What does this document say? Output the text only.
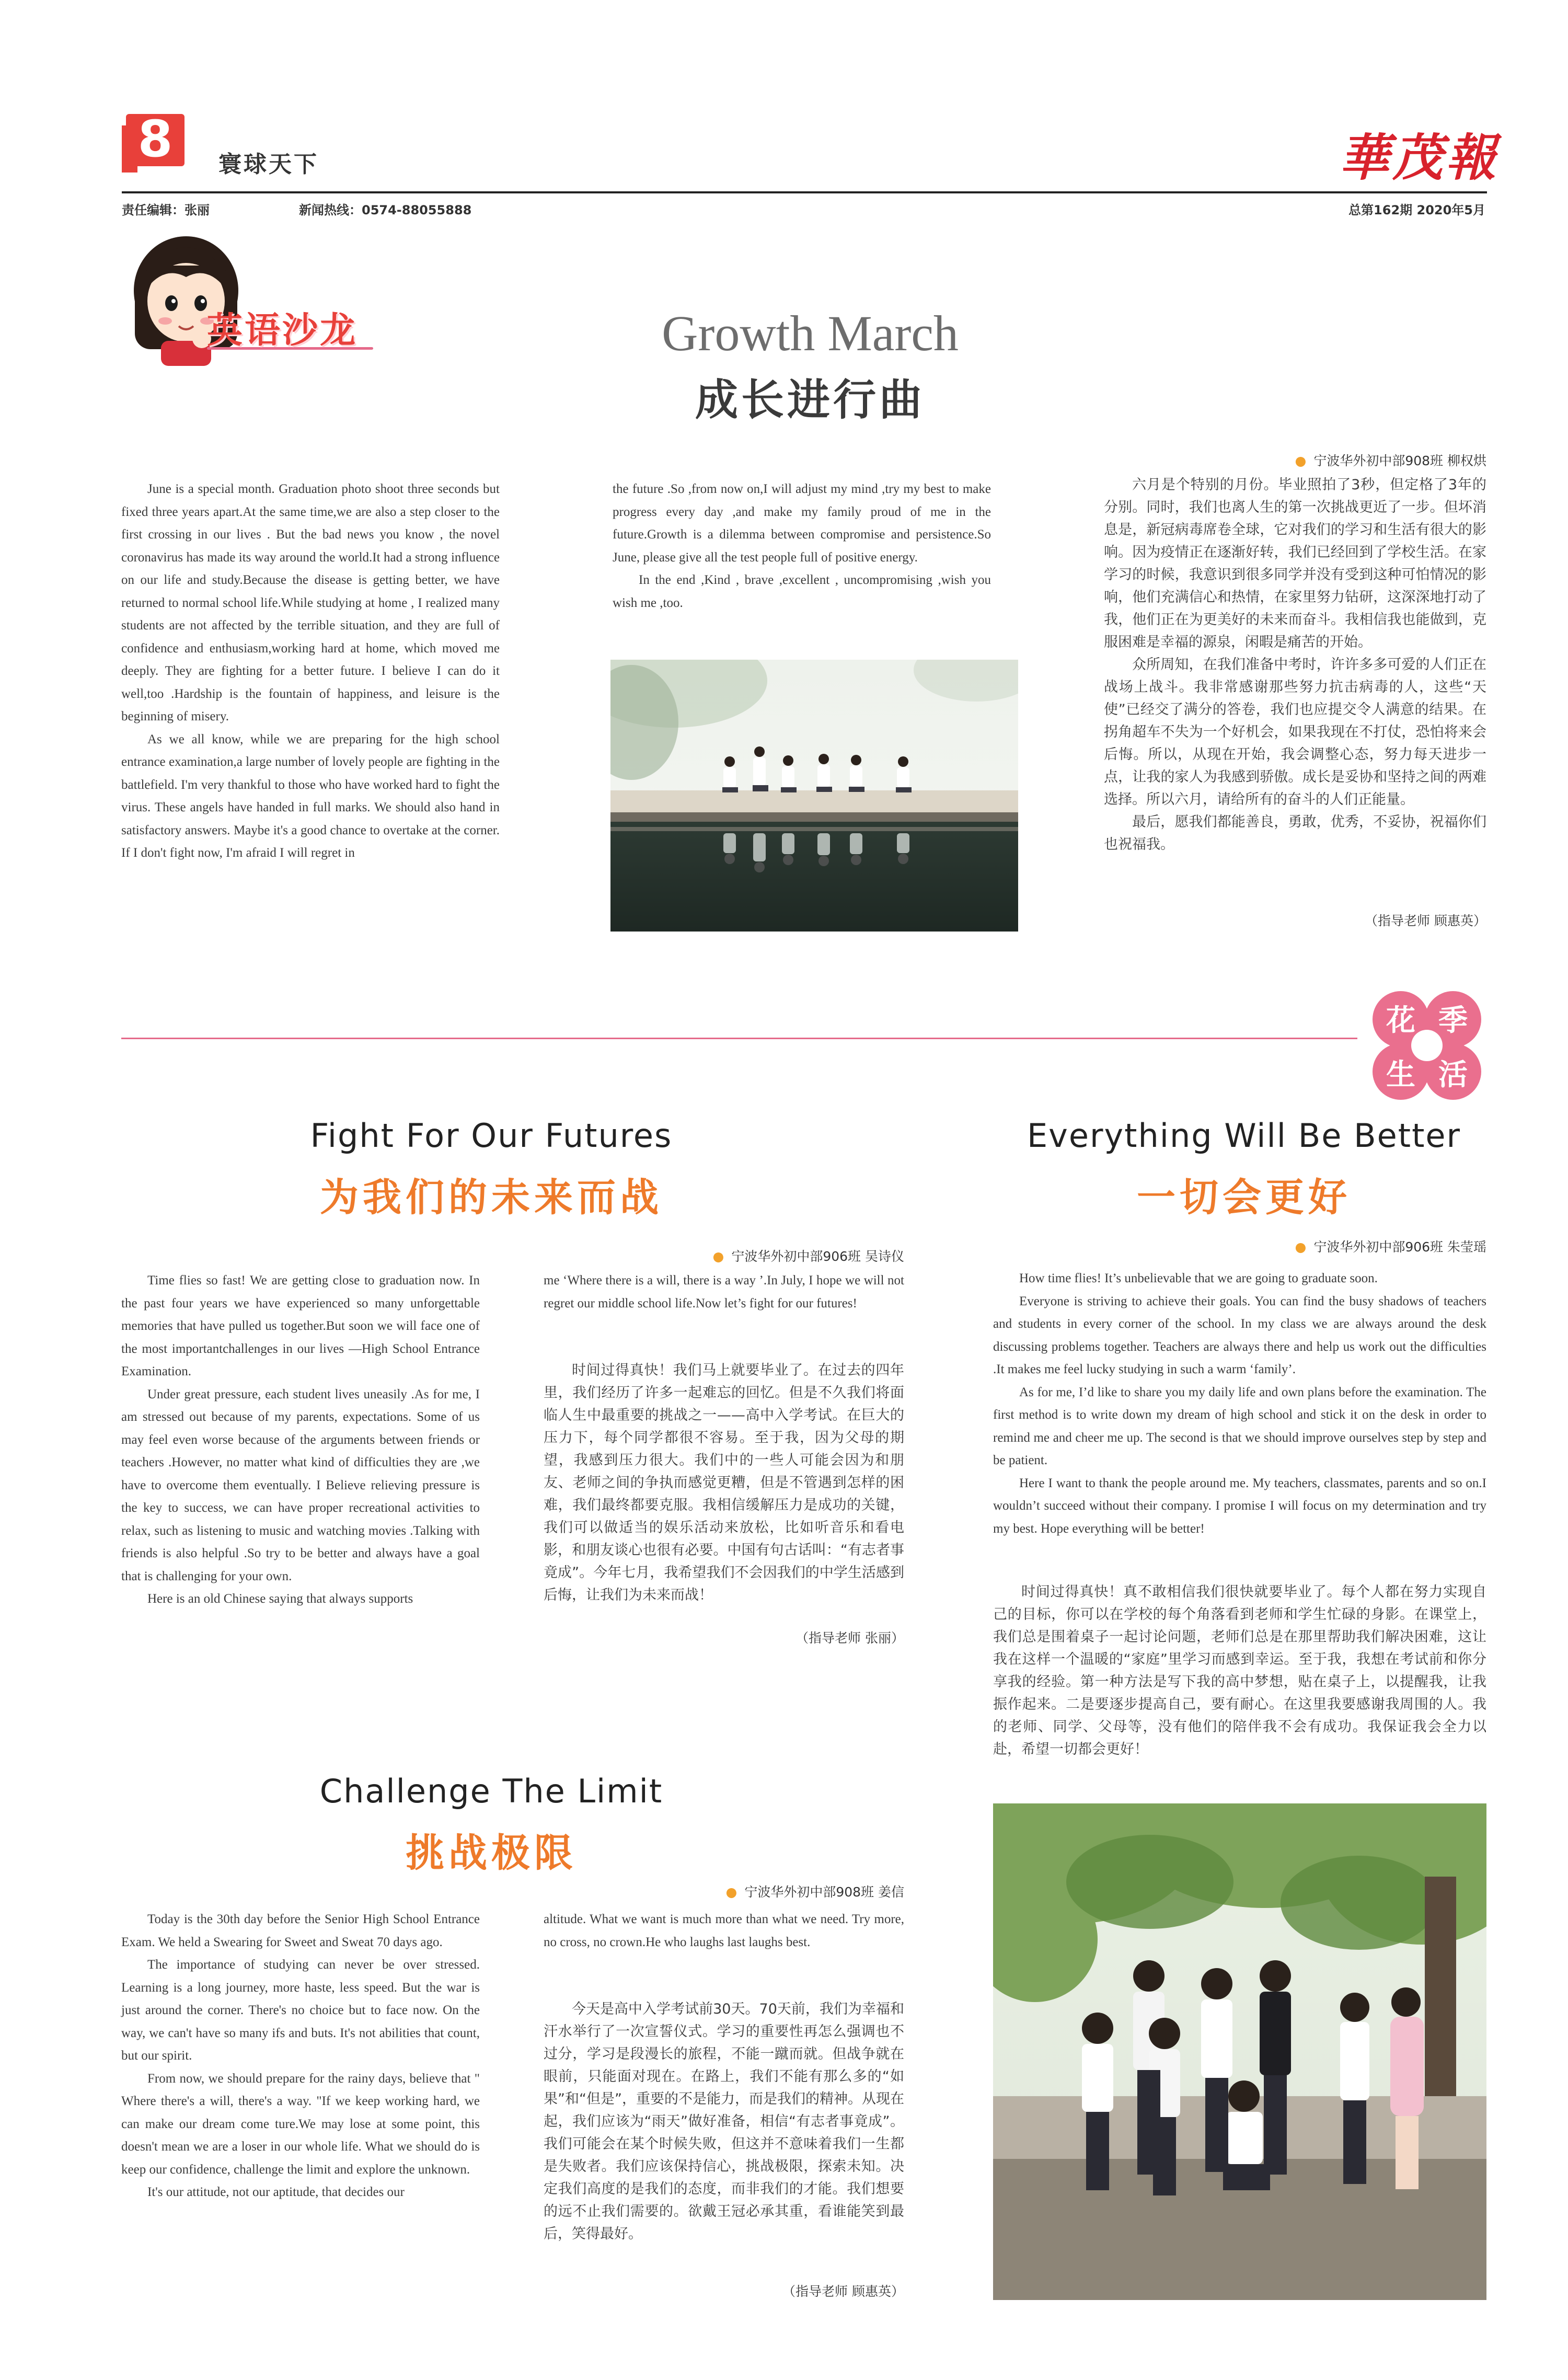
8	寰球天下	華茂報
责任编辑：张丽	新闻热线：0574-88055888	总第162期 2020年5月
英语沙龙	Growth March
成长进行曲

June is a special month. Graduation photo shoot three seconds but fixed three years apart.At the same time,we are also a step closer to the first crossing in our lives . But the bad news you know , the novel coronavirus has made its way around the world.It had a strong influence on our life and study.Because the disease is getting better, we have returned to normal school life.While studying at home , I realized many students are not affected by the terrible situation, and they are full of confidence and enthusiasm,working hard at home, which moved me deeply. They are fighting for a better future. I believe I can do it well,too .Hardship is the fountain of happiness, and leisure is the beginning of misery.

As we all know, while we are preparing for the high school entrance examination,a large number of lovely people are fighting in the battlefield. I'm very thankful to those who have worked hard to fight the virus. These angels have handed in full marks. We should also hand in satisfactory answers. Maybe it's a good chance to overtake at the corner. If I don't fight now, I'm afraid I will regret in

the future .So ,from now on,I will adjust my mind ,try my best to make progress every day ,and make my family proud of me in the future.Growth is a dilemma between compromise and persistence.So June, please give all the test people full of positive energy.

In the end ,Kind , brave ,excellent , uncompromising ,wish you wish me ,too.

● 宁波华外初中部908班 柳权烘

六月是个特别的月份。毕业照拍了3秒，但定格了3年的分别。同时，我们也离人生的第一次挑战更近了一步。但坏消息是，新冠病毒席卷全球，它对我们的学习和生活有很大的影响。因为疫情正在逐渐好转，我们已经回到了学校生活。在家学习的时候，我意识到很多同学并没有受到这种可怕情况的影响，他们充满信心和热情，在家里努力钻研，这深深地打动了我，他们正在为更美好的未来而奋斗。我相信我也能做到，克服困难是幸福的源泉，闲暇是痛苦的开始。

众所周知，在我们准备中考时，许许多多可爱的人们正在战场上战斗。我非常感谢那些努力抗击病毒的人，这些“天使”已经交了满分的答卷，我们也应提交令人满意的结果。在拐角超车不失为一个好机会，如果我现在不打仗，恐怕将来会后悔。所以，从现在开始，我会调整心态，努力每天进步一点，让我的家人为我感到骄傲。成长是妥协和坚持之间的两难选择。所以六月，请给所有的奋斗的人们正能量。

最后，愿我们都能善良，勇敢，优秀，不妥协，祝福你们也祝福我。

（指导老师 顾惠英）
花 季
生 活
Fight For Our Futures
为我们的未来而战
● 宁波华外初中部906班 吴诗仪

Time flies so fast! We are getting close to graduation now. In the past four years we have experienced so many unforgettable memories that have pulled us together.But soon we will face one of the most importantchallenges in our lives —High School Entrance Examination.

Under great pressure, each student lives uneasily .As for me, I am stressed out because of my parents, expectations. Some of us may feel even worse because of the arguments between friends or teachers .However, no matter what kind of difficulties they are ,we have to overcome them eventually. I Believe relieving pressure is the key to success, we can have proper recreational activities to relax, such as listening to music and watching movies .Talking with friends is also helpful .So try to be better and always have a goal that is challenging for your own.

Here is an old Chinese saying that always supports

me ‘Where there is a will, there is a way ’.In July, I hope we will not regret our middle school life.Now let’s fight for our futures!

时间过得真快！我们马上就要毕业了。在过去的四年里，我们经历了许多一起难忘的回忆。但是不久我们将面临人生中最重要的挑战之一——高中入学考试。在巨大的压力下，每个同学都很不容易。至于我，因为父母的期望，我感到压力很大。我们中的一些人可能会因为和朋友、老师之间的争执而感觉更糟，但是不管遇到怎样的困难，我们最终都要克服。我相信缓解压力是成功的关键，我们可以做适当的娱乐活动来放松，比如听音乐和看电影，和朋友谈心也很有必要。中国有句古话叫：“有志者事竟成”。今年七月，我希望我们不会因我们的中学生活感到后悔，让我们为未来而战！

（指导老师 张丽）
Everything Will Be Better
一切会更好
● 宁波华外初中部906班 朱莹瑶

How time flies! It’s unbelievable that we are going to graduate soon.

Everyone is striving to achieve their goals. You can find the busy shadows of teachers and students in every corner of the school. In my class we are always around the desk discussing problems together. Teachers are always there and help us work out the difficulties .It makes me feel lucky studying in such a warm ‘family’.

As for me, I’d like to share you my daily life and own plans before the examination. The first method is to write down my dream of high school and stick it on the desk in order to remind me and cheer me up. The second is that we should improve ourselves step by step and be patient.

Here I want to thank the people around me. My teachers, classmates, parents and so on.I wouldn’t succeed without their company. I promise I will focus on my determination and try my best. Hope everything will be better!

时间过得真快！真不敢相信我们很快就要毕业了。每个人都在努力实现自己的目标，你可以在学校的每个角落看到老师和学生忙碌的身影。在课堂上，我们总是围着桌子一起讨论问题，老师们总是在那里帮助我们解决困难，这让我在这样一个温暖的“家庭”里学习而感到幸运。至于我，我想在考试前和你分享我的经验。第一种方法是写下我的高中梦想，贴在桌子上，以提醒我，让我振作起来。二是要逐步提高自己，要有耐心。在这里我要感谢我周围的人。我的老师、同学、父母等，没有他们的陪伴我不会有成功。我保证我会全力以赴，希望一切都会更好！

Challenge The Limit
挑战极限
● 宁波华外初中部908班 姜信

Today is the 30th day before the Senior High School Entrance Exam. We held a Swearing for Sweet and Sweat 70 days ago.

The importance of studying can never be over stressed. Learning is a long journey, more haste, less speed. But the war is just around the corner. There's no choice but to face now. On the way, we can't have so many ifs and buts. It's not abilities that count, but our spirit.

From now, we should prepare for the rainy days, believe that " Where there's a will, there's a way. "If we keep working hard, we can make our dream come ture.We may lose at some point, this doesn't mean we are a loser in our whole life. What we should do is keep our confidence, challenge the limit and explore the unknown.

It's our attitude, not our aptitude, that decides our

altitude. What we want is much more than what we need. Try more, no cross, no crown.He who laughs last laughs best.

今天是高中入学考试前30天。70天前，我们为幸福和汗水举行了一次宣誓仪式。学习的重要性再怎么强调也不过分，学习是段漫长的旅程，不能一蹴而就。但战争就在眼前，只能面对现在。在路上，我们不能有那么多的“如果”和“但是”，重要的不是能力，而是我们的精神。从现在起，我们应该为“雨天”做好准备，相信“有志者事竟成”。我们可能会在某个时候失败，但这并不意味着我们一生都是失败者。我们应该保持信心，挑战极限，探索未知。决定我们高度的是我们的态度，而非我们的才能。我们想要的远不止我们需要的。欲戴王冠必承其重，看谁能笑到最后，笑得最好。

（指导老师 顾惠英）
